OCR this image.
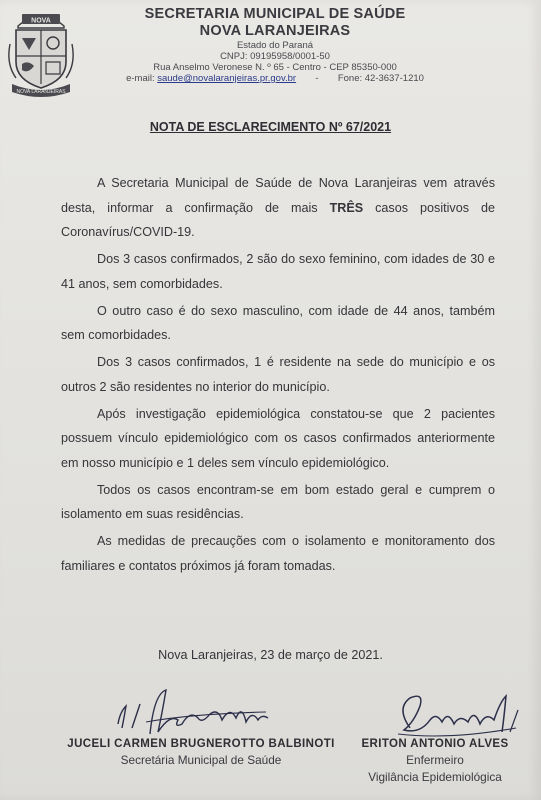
NOVA
NOVA LARANJEIRAS
SECRETARIA MUNICIPAL DE SAÚDE
NOVA LARANJEIRAS
Estado do Paraná
CNPJ: 09195958/0001-50
Rua Anselmo Veronese N. º 65 - Centro - CEP 85350-000
e-mail: saude@novalaranjeiras.pr.gov.br - Fone: 42-3637-1210
NOTA DE ESCLARECIMENTO Nº 67/2021

A Secretaria Municipal de Saúde de Nova Laranjeiras vem através desta, informar a confirmação de mais TRÊS casos positivos de Coronavírus/COVID-19.

Dos 3 casos confirmados, 2 são do sexo feminino, com idades de 30 e 41 anos, sem comorbidades.

O outro caso é do sexo masculino, com idade de 44 anos, também sem comorbidades.

Dos 3 casos confirmados, 1 é residente na sede do município e os outros 2 são residentes no interior do município.

Após investigação epidemiológica constatou-se que 2 pacientes possuem vínculo epidemiológico com os casos confirmados anteriormente em nosso município e 1 deles sem vínculo epidemiológico.

Todos os casos encontram-se em bom estado geral e cumprem o isolamento em suas residências.

As medidas de precauções com o isolamento e monitoramento dos familiares e contatos próximos já foram tomadas.

Nova Laranjeiras, 23 de março de 2021.
JUCELI CARMEN BRUGNEROTTO BALBINOTI
Secretária Municipal de Saúde
ERITON ANTONIO ALVES
Enfermeiro
Vigilância Epidemiológica
